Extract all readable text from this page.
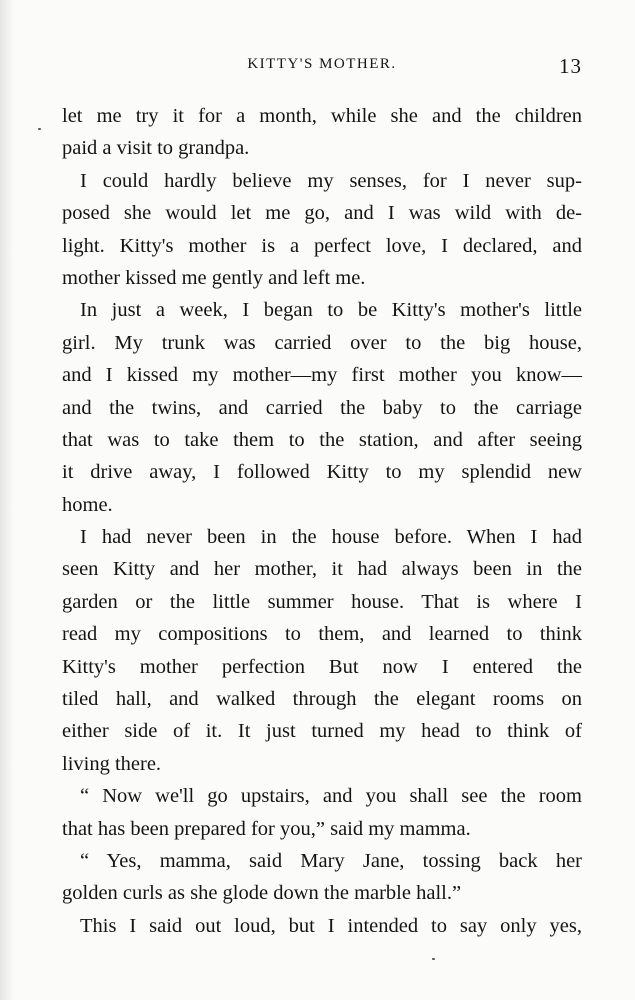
KITTY'S MOTHER.	13
let me try it for a month, while she and the children
paid a visit to grandpa.
I could hardly believe my senses, for I never sup-
posed she would let me go, and I was wild with de-
light. Kitty's mother is a perfect love, I declared, and
mother kissed me gently and left me.
In just a week, I began to be Kitty's mother's little
girl. My trunk was carried over to the big house,
and I kissed my mother—my first mother you know—
and the twins, and carried the baby to the carriage
that was to take them to the station, and after seeing
it drive away, I followed Kitty to my splendid new
home.
I had never been in the house before. When I had
seen Kitty and her mother, it had always been in the
garden or the little summer house. That is where I
read my compositions to them, and learned to think
Kitty's mother perfection But now I entered the
tiled hall, and walked through the elegant rooms on
either side of it. It just turned my head to think of
living there.
“ Now we'll go upstairs, and you shall see the room
that has been prepared for you,” said my mamma.
“ Yes, mamma, said Mary Jane, tossing back her
golden curls as she glode down the marble hall.”
This I said out loud, but I intended to say only yes,
